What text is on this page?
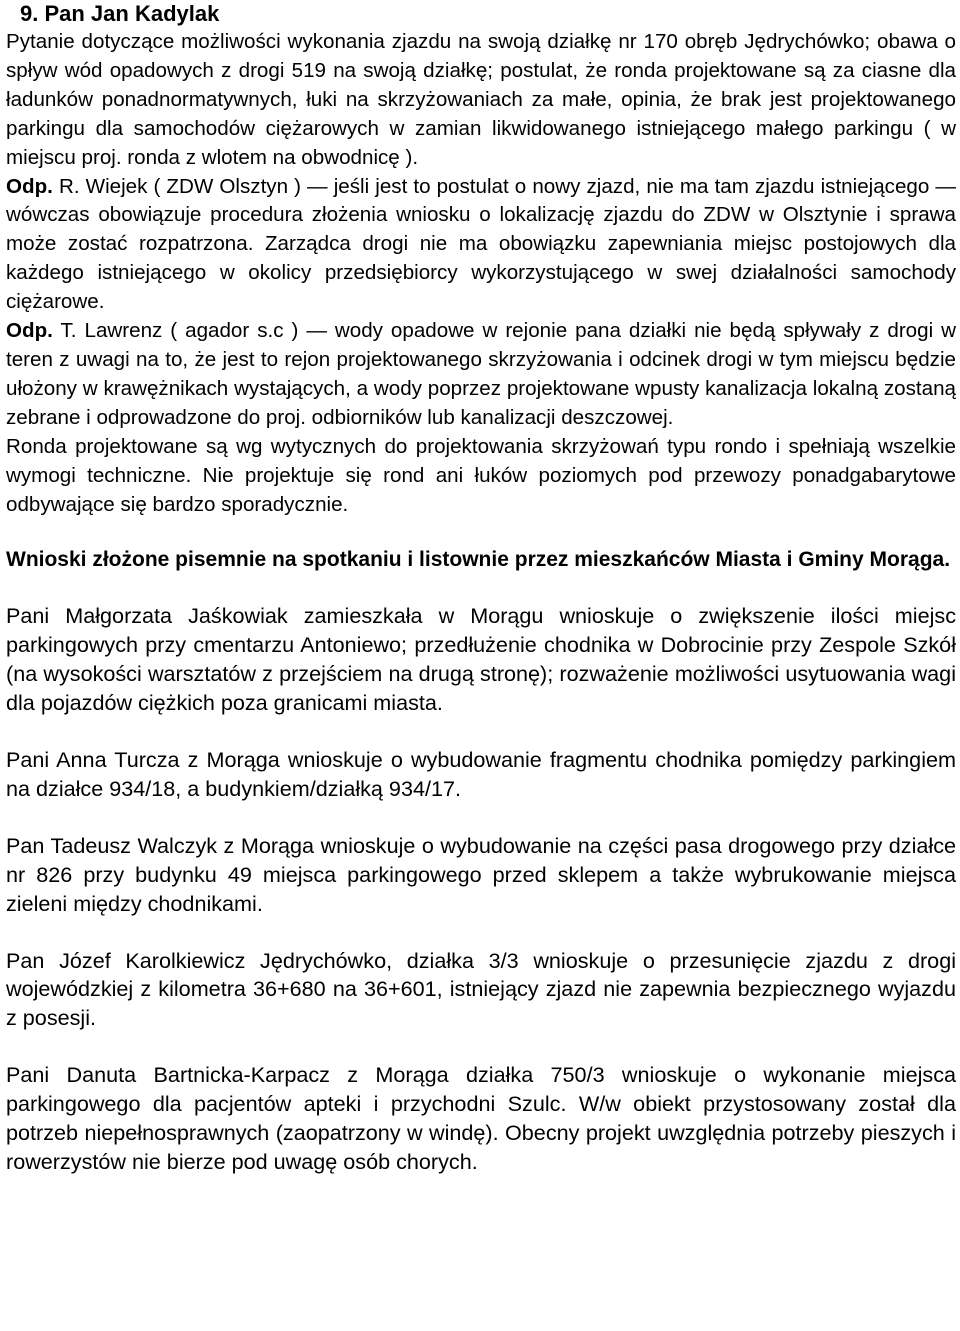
9. Pan Jan Kadylak

Pytanie dotyczące możliwości wykonania zjazdu na swoją działkę nr 170 obręb Jędrychówko; obawa o spływ wód opadowych z drogi 519 na swoją działkę; postulat, że ronda projektowane są za ciasne dla ładunków ponadnormatywnych, łuki na skrzyżowaniach za małe, opinia, że brak jest projektowanego parkingu dla samochodów ciężarowych w zamian likwidowanego istniejącego małego parkingu ( w miejscu proj. ronda z wlotem na obwodnicę ).

Odp. R. Wiejek ( ZDW Olsztyn ) — jeśli jest to postulat o nowy zjazd, nie ma tam zjazdu istniejącego — wówczas obowiązuje procedura złożenia wniosku o lokalizację zjazdu do ZDW w Olsztynie i sprawa może zostać rozpatrzona. Zarządca drogi nie ma obowiązku zapewniania miejsc postojowych dla każdego istniejącego w okolicy przedsiębiorcy wykorzystującego w swej działalności samochody ciężarowe.

Odp. T. Lawrenz ( agador s.c ) — wody opadowe w rejonie pana działki nie będą spływały z drogi w teren z uwagi na to, że jest to rejon projektowanego skrzyżowania i odcinek drogi w tym miejscu będzie ułożony w krawężnikach wystających, a wody poprzez projektowane wpusty kanalizacja lokalną zostaną zebrane i odprowadzone do proj. odbiorników lub kanalizacji deszczowej.

Ronda projektowane są wg wytycznych do projektowania skrzyżowań typu rondo i spełniają wszelkie wymogi techniczne. Nie projektuje się rond ani łuków poziomych pod przewozy ponadgabarytowe odbywające się bardzo sporadycznie.

Wnioski złożone pisemnie na spotkaniu i listownie przez mieszkańców Miasta i Gminy Morąga.

Pani Małgorzata Jaśkowiak zamieszkała w Morągu wnioskuje o zwiększenie ilości miejsc parkingowych przy cmentarzu Antoniewo; przedłużenie chodnika w Dobrocinie przy Zespole Szkół (na wysokości warsztatów z przejściem na drugą stronę); rozważenie możliwości usytuowania wagi dla pojazdów ciężkich poza granicami miasta.

Pani Anna Turcza z Morąga wnioskuje o wybudowanie fragmentu chodnika pomiędzy parkingiem na działce 934/18, a budynkiem/działką 934/17.

Pan Tadeusz Walczyk z Morąga wnioskuje o wybudowanie na części pasa drogowego przy działce nr 826 przy budynku 49 miejsca parkingowego przed sklepem a także wybrukowanie miejsca zieleni między chodnikami.

Pan Józef Karolkiewicz Jędrychówko, działka 3/3 wnioskuje o przesunięcie zjazdu z drogi wojewódzkiej z kilometra 36+680 na 36+601, istniejący zjazd nie zapewnia bezpiecznego wyjazdu z posesji.

Pani Danuta Bartnicka-Karpacz z Morąga działka 750/3 wnioskuje o wykonanie miejsca parkingowego dla pacjentów apteki i przychodni Szulc. W/w obiekt przystosowany został dla potrzeb niepełnosprawnych (zaopatrzony w windę). Obecny projekt uwzględnia potrzeby pieszych i rowerzystów nie bierze pod uwagę osób chorych.
